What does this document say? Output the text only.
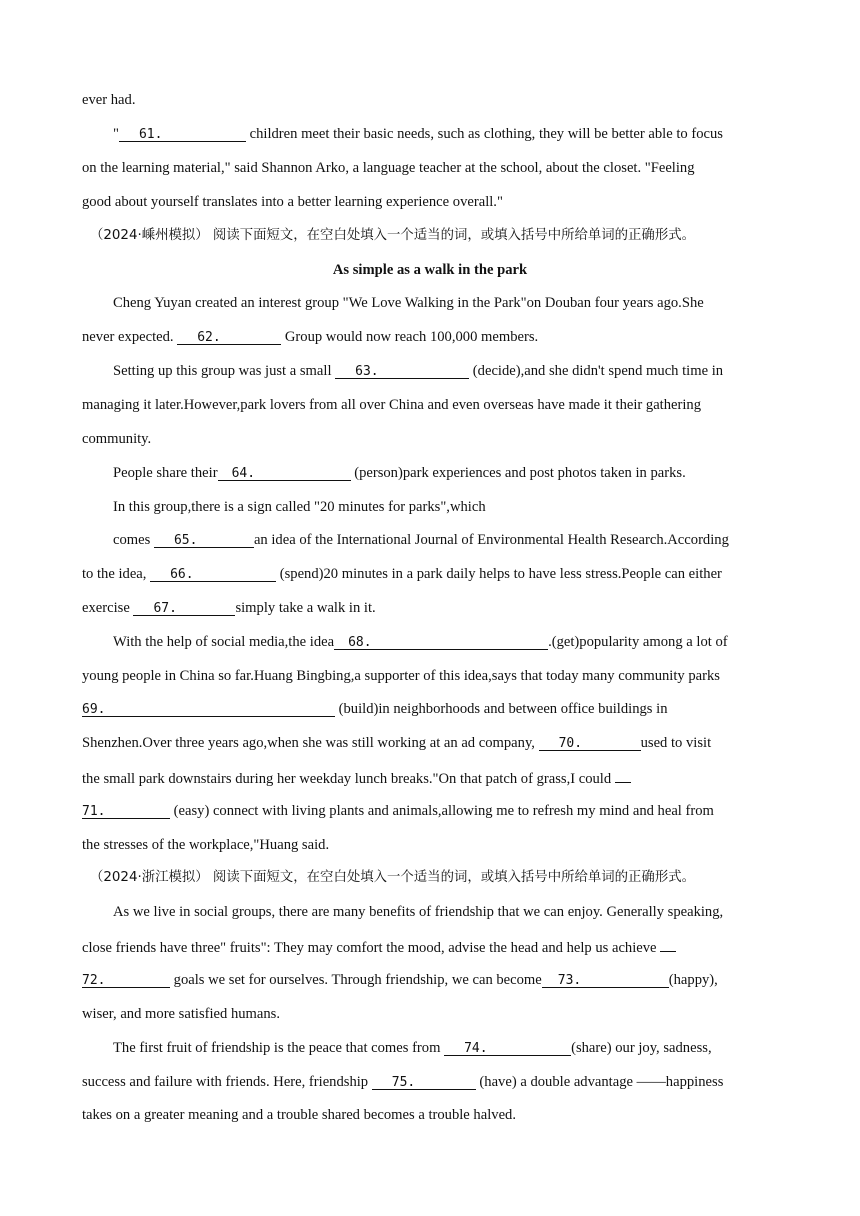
ever had.
" 61.	children meet their basic needs, such as clothing, they will be better able to focus
on the learning material," said Shannon Arko, a language teacher at the school, about the closet. "Feeling
good about yourself translates into a better learning experience overall."
（2024·嵊州模拟） 阅读下面短文，在空白处填入一个适当的词，或填入括号中所给单词的正确形式。
As simple as a walk in the park
Cheng Yuyan created an interest group "We Love Walking in the Park"on Douban four years ago.She
never expected. 62.	Group would now reach 100,000 members.
Setting up this group was just a small 63.	(decide),and she didn't spend much time in
managing it later.However,park lovers from all over China and even overseas have made it their gathering
community.
People share their 64.	(person)park experiences and post photos taken in parks.
In this group,there is a sign called "20 minutes for parks",which
comes 65.	an idea of the International Journal of Environmental Health Research.According
to the idea, 66.	(spend)20 minutes in a park daily helps to have less stress.People can either
exercise 67.	simply take a walk in it.
With the help of social media,the idea 68.	.(get)popularity among a lot of
young people in China so far.Huang Bingbing,a supporter of this idea,says that today many community parks
69.	(build)in neighborhoods and between office buildings in
Shenzhen.Over three years ago,when she was still working at an ad company, 70.	used to visit
the small park downstairs during her weekday lunch breaks."On that patch of grass,I could
71.	(easy) connect with living plants and animals,allowing me to refresh my mind and heal from
the stresses of the workplace,"Huang said.
（2024·浙江模拟） 阅读下面短文，在空白处填入一个适当的词，或填入括号中所给单词的正确形式。
As we live in social groups, there are many benefits of friendship that we can enjoy. Generally speaking,
close friends have three" fruits": They may comfort the mood, advise the head and help us achieve
72.	goals we set for ourselves. Through friendship, we can become 73.	(happy),
wiser, and more satisfied humans.
The first fruit of friendship is the peace that comes from 74.	(share) our joy, sadness,
success and failure with friends. Here, friendship 75.	(have) a double advantage ——happiness
takes on a greater meaning and a trouble shared becomes a trouble halved.
